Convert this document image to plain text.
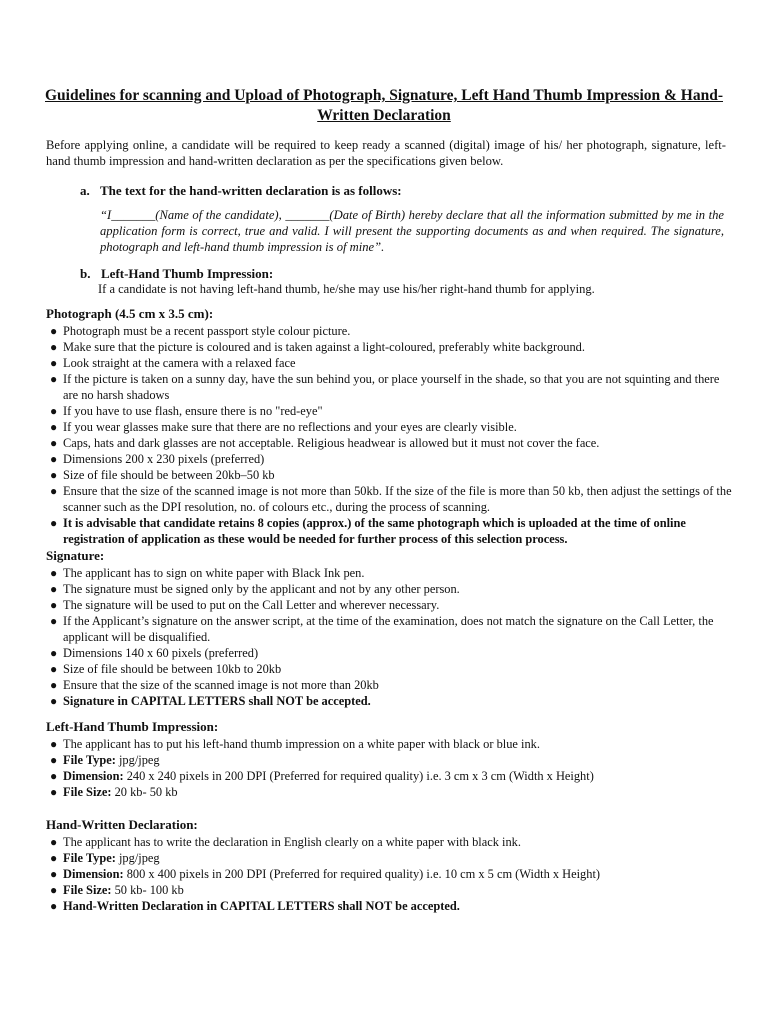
Guidelines for scanning and Upload of Photograph, Signature, Left Hand Thumb Impression & Hand-Written Declaration
Before applying online, a candidate will be required to keep ready a scanned (digital) image of his/ her photograph, signature, left-hand thumb impression and hand-written declaration as per the specifications given below.
a. The text for the hand-written declaration is as follows:
“I_______(Name of the candidate), _______(Date of Birth) hereby declare that all the information submitted by me in the application form is correct, true and valid. I will present the supporting documents as and when required. The signature, photograph and left-hand thumb impression is of mine”.
b. Left-Hand Thumb Impression:
If a candidate is not having left-hand thumb, he/she may use his/her right-hand thumb for applying.
Photograph (4.5 cm x 3.5 cm):
● Photograph must be a recent passport style colour picture.
● Make sure that the picture is coloured and is taken against a light-coloured, preferably white background.
● Look straight at the camera with a relaxed face
● If the picture is taken on a sunny day, have the sun behind you, or place yourself in the shade, so that you are not squinting and there are no harsh shadows
● If you have to use flash, ensure there is no "red-eye"
● If you wear glasses make sure that there are no reflections and your eyes are clearly visible.
● Caps, hats and dark glasses are not acceptable. Religious headwear is allowed but it must not cover the face.
● Dimensions 200 x 230 pixels (preferred)
● Size of file should be between 20kb–50 kb
● Ensure that the size of the scanned image is not more than 50kb. If the size of the file is more than 50 kb, then adjust the settings of the scanner such as the DPI resolution, no. of colours etc., during the process of scanning.
● It is advisable that candidate retains 8 copies (approx.) of the same photograph which is uploaded at the time of online registration of application as these would be needed for further process of this selection process.
Signature:
● The applicant has to sign on white paper with Black Ink pen.
● The signature must be signed only by the applicant and not by any other person.
● The signature will be used to put on the Call Letter and wherever necessary.
● If the Applicant’s signature on the answer script, at the time of the examination, does not match the signature on the Call Letter, the applicant will be disqualified.
● Dimensions 140 x 60 pixels (preferred)
● Size of file should be between 10kb to 20kb
● Ensure that the size of the scanned image is not more than 20kb
● Signature in CAPITAL LETTERS shall NOT be accepted.
Left-Hand Thumb Impression:
● The applicant has to put his left-hand thumb impression on a white paper with black or blue ink.
● File Type: jpg/jpeg
● Dimension: 240 x 240 pixels in 200 DPI (Preferred for required quality) i.e. 3 cm x 3 cm (Width x Height)
● File Size: 20 kb- 50 kb
Hand-Written Declaration:
● The applicant has to write the declaration in English clearly on a white paper with black ink.
● File Type: jpg/jpeg
● Dimension: 800 x 400 pixels in 200 DPI (Preferred for required quality) i.e. 10 cm x 5 cm (Width x Height)
● File Size: 50 kb- 100 kb
● Hand-Written Declaration in CAPITAL LETTERS shall NOT be accepted.
